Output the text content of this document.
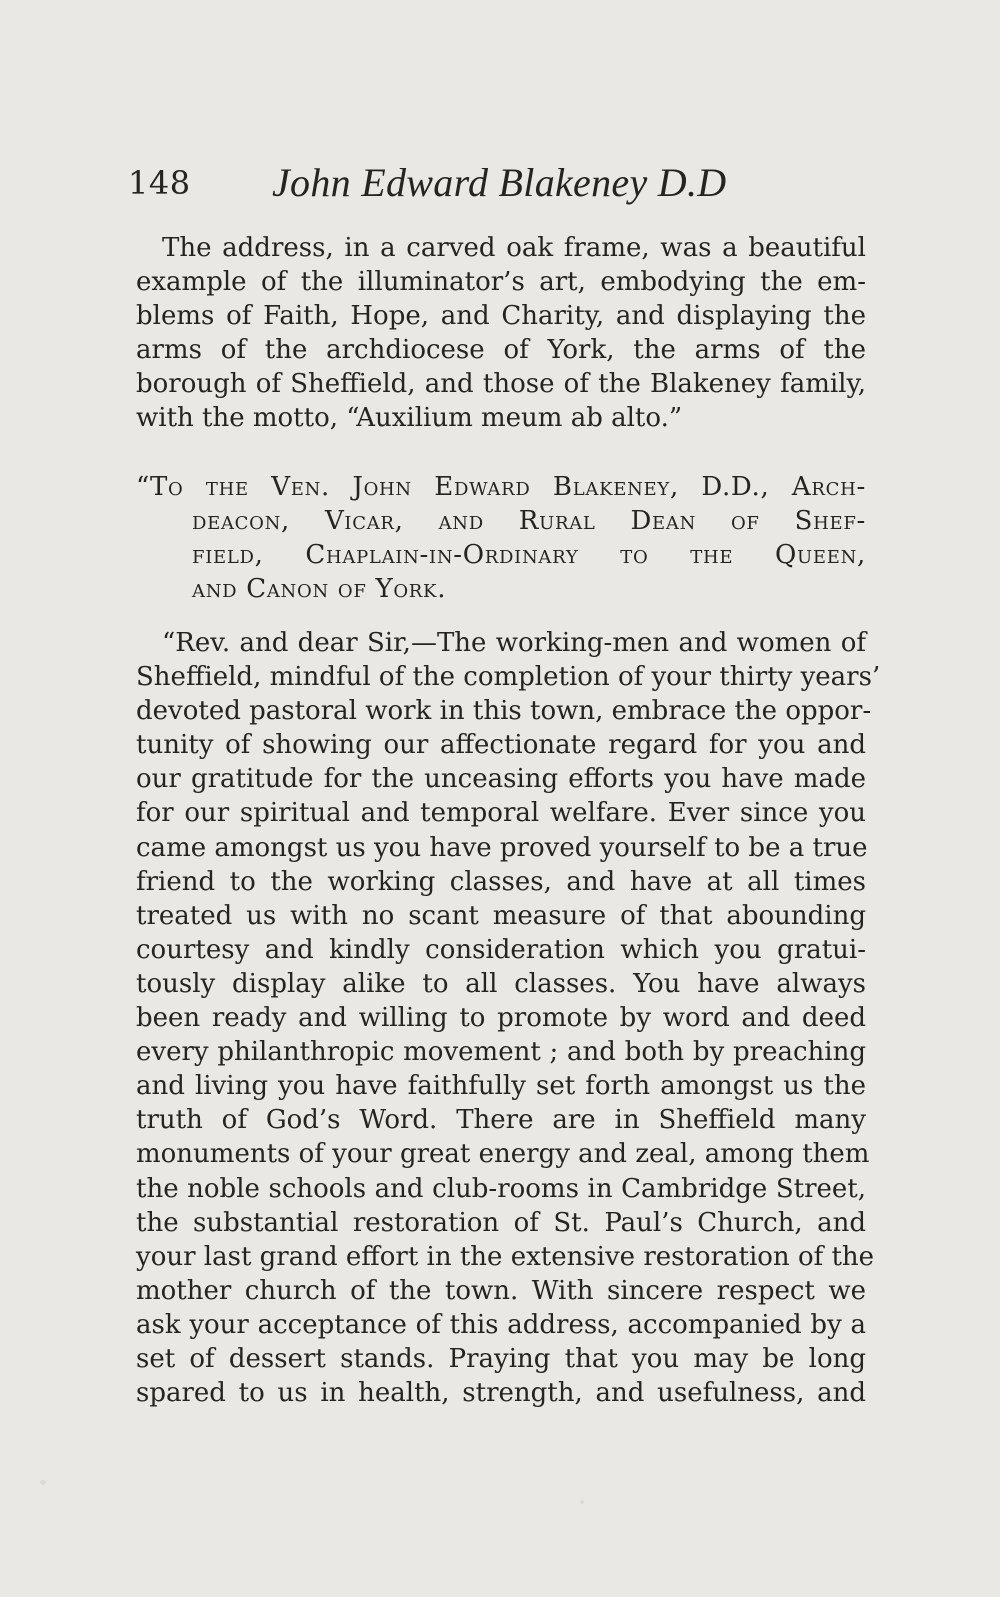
148 John Edward Blakeney D.D
The address, in a carved oak frame, was a beautiful
example of the illuminator’s art, embodying the em-
blems of Faith, Hope, and Charity, and displaying the
arms of the archdiocese of York, the arms of the
borough of Sheffield, and those of the Blakeney family,
with the motto, “Auxilium meum ab alto.”
“To the Ven. John Edward Blakeney, D.D., Arch-
deacon, Vicar, and Rural Dean of Shef-
field, Chaplain-in-Ordinary to the Queen,
and Canon of York.
“Rev. and dear Sir,—The working-men and women of
Sheffield, mindful of the completion of your thirty years’
devoted pastoral work in this town, embrace the oppor-
tunity of showing our affectionate regard for you and
our gratitude for the unceasing efforts you have made
for our spiritual and temporal welfare. Ever since you
came amongst us you have proved yourself to be a true
friend to the working classes, and have at all times
treated us with no scant measure of that abounding
courtesy and kindly consideration which you gratui-
tously display alike to all classes. You have always
been ready and willing to promote by word and deed
every philanthropic movement ; and both by preaching
and living you have faithfully set forth amongst us the
truth of God’s Word. There are in Sheffield many
monuments of your great energy and zeal, among them
the noble schools and club-rooms in Cambridge Street,
the substantial restoration of St. Paul’s Church, and
your last grand effort in the extensive restoration of the
mother church of the town. With sincere respect we
ask your acceptance of this address, accompanied by a
set of dessert stands. Praying that you may be long
spared to us in health, strength, and usefulness, and
